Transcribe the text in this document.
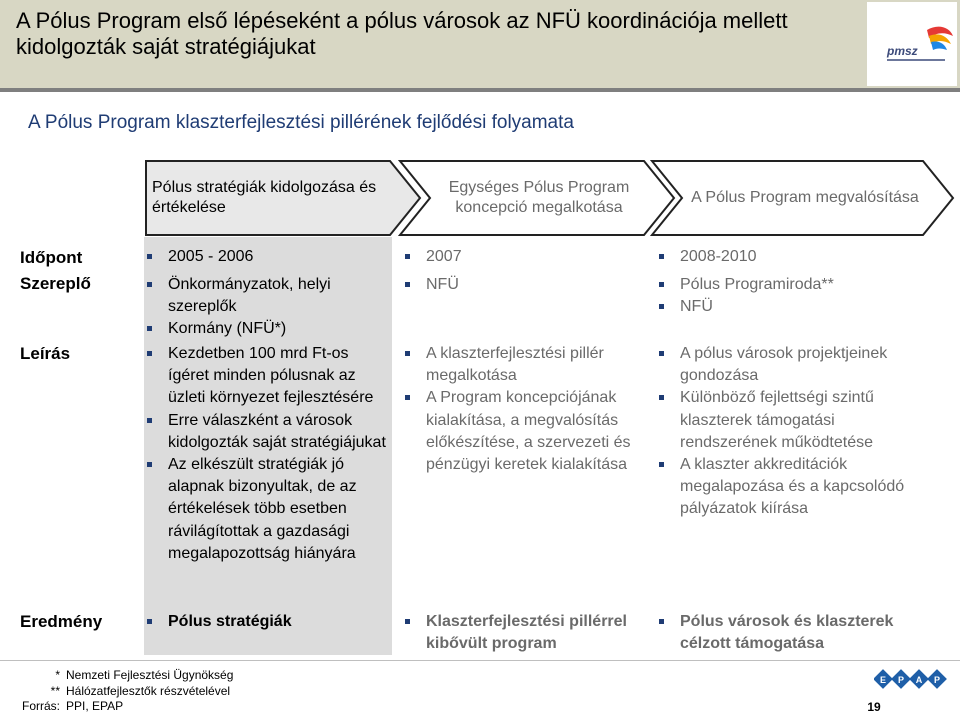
A Pólus Program első lépéseként a pólus városok az NFÜ koordinációja mellett kidolgozták saját stratégiájukat	pmsz
A Pólus Program klaszterfejlesztési pillérének fejlődési folyamata
Pólus stratégiák kidolgozása és értékelése
Egységes Pólus Program koncepció megalkotása
A Pólus Program megvalósítása
Időpont
Szereplő
Leírás
Eredmény
2005 - 2006
Önkormányzatok, helyi szereplők
Kormány (NFÜ*)
Kezdetben 100 mrd Ft-os ígéret minden pólusnak az üzleti környezet fejlesztésére
Erre válaszként a városok kidolgozták saját stratégiájukat
Az elkészült stratégiák jó alapnak bizonyultak, de az értékelések több esetben rávilágítottak a gazdasági megalapozottság hiányára
Pólus stratégiák
2007
NFÜ
A klaszterfejlesztési pillér megalkotása
A Program koncepciójának kialakítása, a megvalósítás előkészítése, a szervezeti és pénzügyi keretek kialakítása
Klaszterfejlesztési pillérrel kibővült program
2008-2010
Pólus Programiroda**
NFÜ
A pólus városok projektjeinek gondozása
Különböző fejlettségi szintű klaszterek támogatási rendszerének működtetése
A klaszter akkreditációk megalapozása és a kapcsolódó pályázatok kiírása
Pólus városok és klaszterek célzott támogatása
* Nemzeti Fejlesztési Ügynökség
** Hálózatfejlesztők részvételével
Forrás: PPI, EPAP
E P A P
19
